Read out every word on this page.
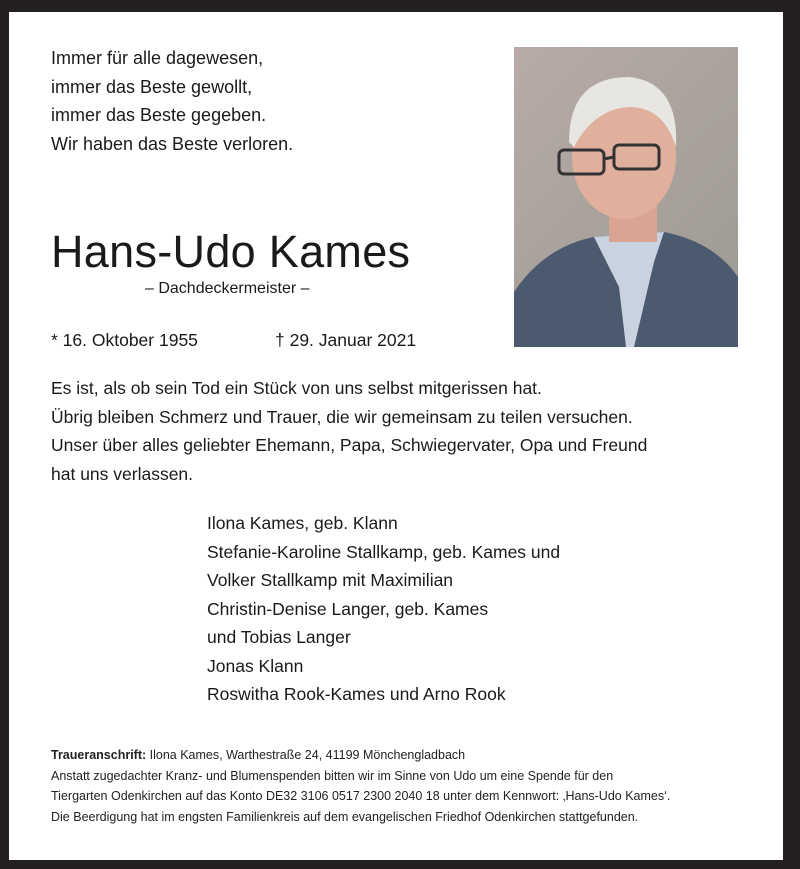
Immer für alle dagewesen,
immer das Beste gewollt,
immer das Beste gegeben.
Wir haben das Beste verloren.
Hans-Udo Kames
– Dachdeckermeister –
* 16. Oktober 1955	† 29. Januar 2021
Es ist, als ob sein Tod ein Stück von uns selbst mitgerissen hat.
Übrig bleiben Schmerz und Trauer, die wir gemeinsam zu teilen versuchen.
Unser über alles geliebter Ehemann, Papa, Schwiegervater, Opa und Freund
hat uns verlassen.
Ilona Kames, geb. Klann
Stefanie-Karoline Stallkamp, geb. Kames und
Volker Stallkamp mit Maximilian
Christin-Denise Langer, geb. Kames
und Tobias Langer
Jonas Klann
Roswitha Rook-Kames und Arno Rook
Traueranschrift: Ilona Kames, Warthestraße 24, 41199 Mönchengladbach
Anstatt zugedachter Kranz- und Blumenspenden bitten wir im Sinne von Udo um eine Spende für den
Tiergarten Odenkirchen auf das Konto DE32 3106 0517 2300 2040 18 unter dem Kennwort: ‚Hans-Udo Kames‘.
Die Beerdigung hat im engsten Familienkreis auf dem evangelischen Friedhof Odenkirchen stattgefunden.
